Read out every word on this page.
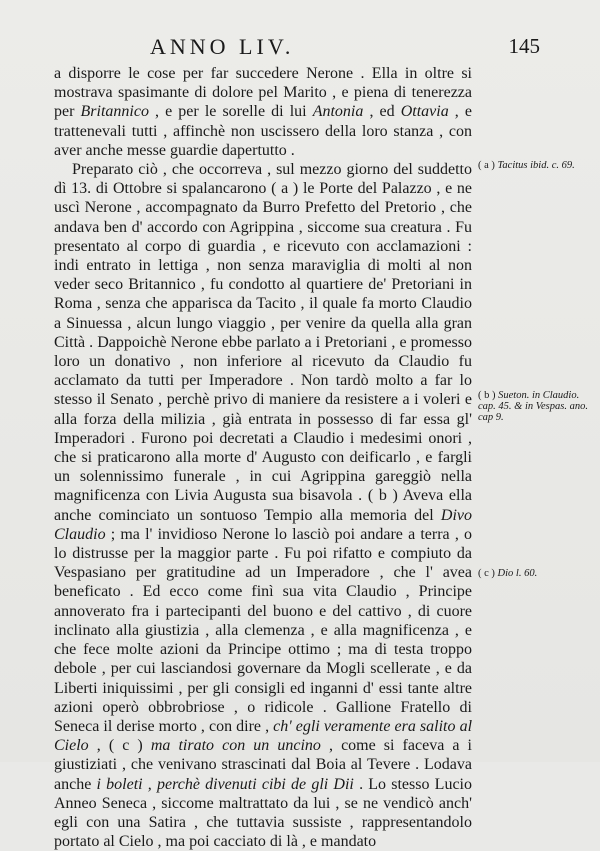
ANNO LIV.	145

a disporre le cose per far succedere Nerone . Ella in oltre si mostrava spasimante di dolore pel Marito , e piena di tenerezza per Britannico , e per le sorelle di lui Antonia , ed Ottavia , e trattenevali tutti , affinchè non uscissero della loro stanza , con aver anche messe guardie dapertutto .

Preparato ciò , che occorreva , sul mezzo giorno del suddetto dì 13. di Ottobre si spalancarono ( a ) le Porte del Palazzo , e ne uscì Nerone , accompagnato da Burro Prefetto del Pretorio , che andava ben d' accordo con Agrippina , siccome sua creatura . Fu presentato al corpo di guardia , e ricevuto con acclamazioni : indi entrato in lettiga , non senza maraviglia di molti al non veder seco Britannico , fu condotto al quartiere de' Pretoriani in Roma , senza che apparisca da Tacito , il quale fa morto Claudio a Sinuessa , alcun lungo viaggio , per venire da quella alla gran Città . Dappoichè Nerone ebbe parlato a i Pretoriani , e promesso loro un donativo , non inferiore al ricevuto da Claudio fu acclamato da tutti per Imperadore . Non tardò molto a far lo stesso il Senato , perchè privo di maniere da resistere a i voleri e alla forza della milizia , già entrata in possesso di far essa gl' Imperadori . Furono poi decretati a Claudio i medesimi onori , che si praticarono alla morte d' Augusto con deificarlo , e fargli un solennissimo funerale , in cui Agrippina gareggiò nella magnificenza con Livia Augusta sua bisavola . ( b ) Aveva ella anche cominciato un sontuoso Tempio alla memoria del Divo Claudio ; ma l' invidioso Nerone lo lasciò poi andare a terra , o lo distrusse per la maggior parte . Fu poi rifatto e compiuto da Vespasiano per gratitudine ad un Imperadore , che l' avea beneficato . Ed ecco come finì sua vita Claudio , Principe annoverato fra i partecipanti del buono e del cattivo , di cuore inclinato alla giustizia , alla clemenza , e alla magnificenza , e che fece molte azioni da Principe ottimo ; ma di testa troppo debole , per cui lasciandosi governare da Mogli scellerate , e da Liberti iniquissimi , per gli consigli ed inganni d' essi tante altre azioni operò obbrobriose , o ridicole . Gallione Fratello di Seneca il derise morto , con dire , ch' egli veramente era salito al Cielo , ( c ) ma tirato con un uncino , come si faceva a i giustiziati , che venivano strascinati dal Boia al Tevere . Lodava anche i boleti , perchè divenuti cibi de gli Dii . Lo stesso Lucio Anneo Seneca , siccome maltrattato da lui , se ne vendicò anch' egli con una Satira , che tuttavia sussiste , rappresentandolo portato al Cielo , ma poi cacciato di là , e mandato

( a ) Tacitus ibid. c. 69.
( b ) Sueton. in Claudio. cap. 45. & in Vespas. ano. cap 9.
( c ) Dio l. 60.
